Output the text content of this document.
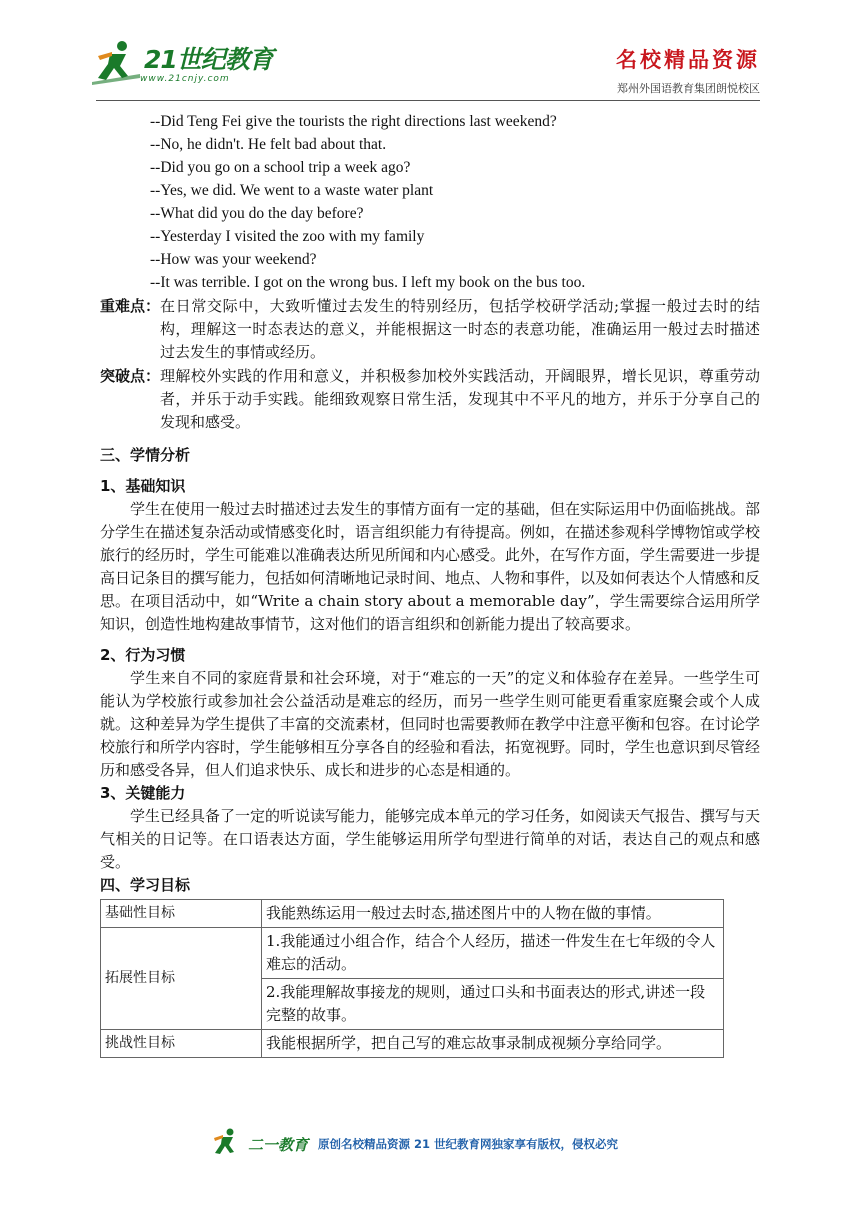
21世纪教育
www.21cnjy.com
名校精品资源
郑州外国语教育集团朗悦校区
--Did Teng Fei give the tourists the right directions last weekend?
--No, he didn't. He felt bad about that.
--Did you go on a school trip a week ago?
--Yes, we did. We went to a waste water plant
--What did you do the day before?
--Yesterday I visited the zoo with my family
--How was your weekend?
--It was terrible. I got on the wrong bus. I left my book on the bus too.
重难点： 在日常交际中，大致听懂过去发生的特别经历，包括学校研学活动;掌握一般过去时的结构，理解这一时态表达的意义，并能根据这一时态的表意功能，准确运用一般过去时描述过去发生的事情或经历。
突破点： 理解校外实践的作用和意义，并积极参加校外实践活动，开阔眼界，增长见识，尊重劳动者，并乐于动手实践。能细致观察日常生活，发现其中不平凡的地方，并乐于分享自己的发现和感受。
三、学情分析
1、基础知识
学生在使用一般过去时描述过去发生的事情方面有一定的基础，但在实际运用中仍面临挑战。部分学生在描述复杂活动或情感变化时，语言组织能力有待提高。例如，在描述参观科学博物馆或学校旅行的经历时，学生可能难以准确表达所见所闻和内心感受。此外，在写作方面，学生需要进一步提高日记条目的撰写能力，包括如何清晰地记录时间、地点、人物和事件，以及如何表达个人情感和反思。在项目活动中，如“Write a chain story about a memorable day”，学生需要综合运用所学知识，创造性地构建故事情节，这对他们的语言组织和创新能力提出了较高要求。
2、行为习惯
学生来自不同的家庭背景和社会环境，对于“难忘的一天”的定义和体验存在差异。一些学生可能认为学校旅行或参加社会公益活动是难忘的经历，而另一些学生则可能更看重家庭聚会或个人成就。这种差异为学生提供了丰富的交流素材，但同时也需要教师在教学中注意平衡和包容。在讨论学校旅行和所学内容时，学生能够相互分享各自的经验和看法，拓宽视野。同时，学生也意识到尽管经历和感受各异，但人们追求快乐、成长和进步的心态是相通的。
3、关键能力
学生已经具备了一定的听说读写能力，能够完成本单元的学习任务，如阅读天气报告、撰写与天气相关的日记等。在口语表达方面，学生能够运用所学句型进行简单的对话，表达自己的观点和感受。
四、学习目标
基础性目标	我能熟练运用一般过去时态,描述图片中的人物在做的事情。
拓展性目标	1.我能通过小组合作，结合个人经历，描述一件发生在七年级的令人难忘的活动。
	2.我能理解故事接龙的规则，通过口头和书面表达的形式,讲述一段完整的故事。
挑战性目标	我能根据所学，把自己写的难忘故事录制成视频分享给同学。
二一教育 原创名校精品资源 21 世纪教育网独家享有版权，侵权必究
